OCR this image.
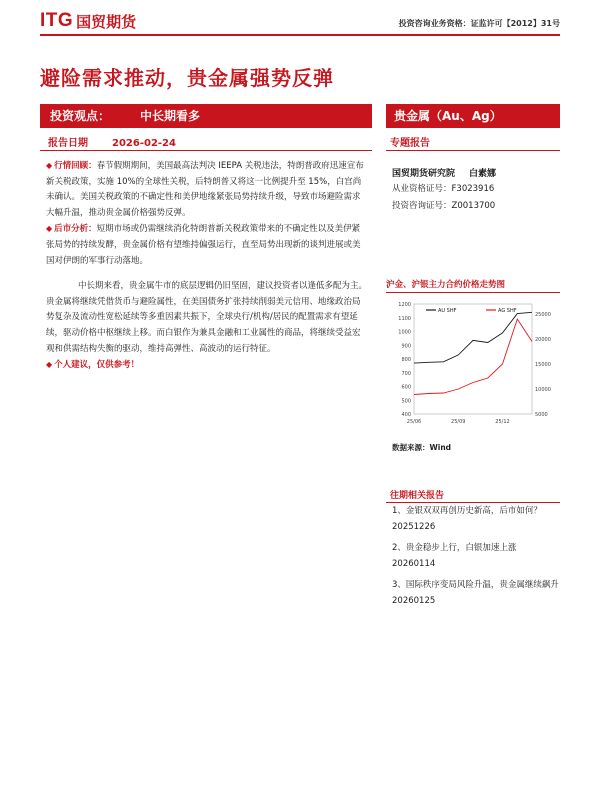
ITG 国贸期货	投资咨询业务资格：证监许可【2012】31号
避险需求推动，贵金属强势反弹
投资观点：	中长期看多	贵金属（Au、Ag）
报告日期 2026-02-24	专题报告

◆ 行情回顾：春节假期期间，美国最高法判决 IEEPA 关税违法，特朗普政府迅速宣布新关税政策，实施 10%的全球性关税，后特朗普又将这一比例提升至 15%，白宫尚未确认。美国关税政策的不确定性和美伊地缘紧张局势持续升级，导致市场避险需求大幅升温，推动贵金属价格强势反弹。

◆ 后市分析：短期市场或仍需继续消化特朗普新关税政策带来的不确定性以及美伊紧张局势的持续发酵，贵金属价格有望维持偏强运行，直至局势出现新的谈判进展或美国对伊朗的军事行动落地。

中长期来看，贵金属牛市的底层逻辑仍旧坚固，建议投资者以逢低多配为主。贵金属将继续凭借货币与避险属性，在美国债务扩张持续削弱美元信用、地缘政治局势复杂及流动性宽松延续等多重因素共振下，全球央行/机构/居民的配置需求有望延续，驱动价格中枢继续上移。而白银作为兼具金融和工业属性的商品，将继续受益宏观和供需结构失衡的驱动，维持高弹性、高波动的运行特征。

◆ 个人建议，仅供参考！

国贸期货研究院 白素娜
从业资格证号：F3023916
投资咨询证号：Z0013700
沪金、沪银主力合约价格走势图
400
500
600
700
800
900
1000
1100
1200
5000
10000
15000
20000
25000
25/06	25/09	25/12
AU SHF	AG SHF
数据来源：Wind
往期相关报告
1、金银双双再创历史新高，后市如何？20251226
2、贵金稳步上行，白银加速上涨 20260114
3、国际秩序变局风险升温，贵金属继续飙升 20260125
